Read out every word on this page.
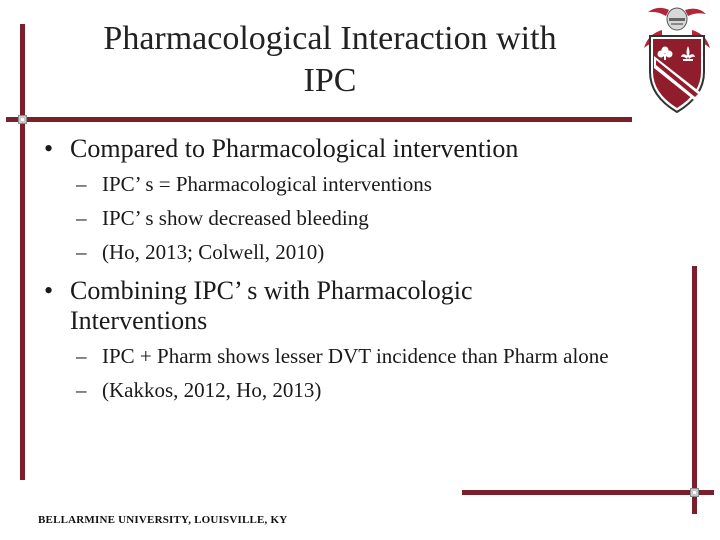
Pharmacological Interaction with
IPC
• Compared to Pharmacological intervention
– IPC’ s = Pharmacological interventions
– IPC’ s show decreased bleeding
– (Ho, 2013; Colwell, 2010)
• Combining IPC’ s with Pharmacologic
Interventions
– IPC + Pharm shows lesser DVT incidence than Pharm alone
– (Kakkos, 2012, Ho, 2013)
BELLARMINE UNIVERSITY, LOUISVILLE, KY
